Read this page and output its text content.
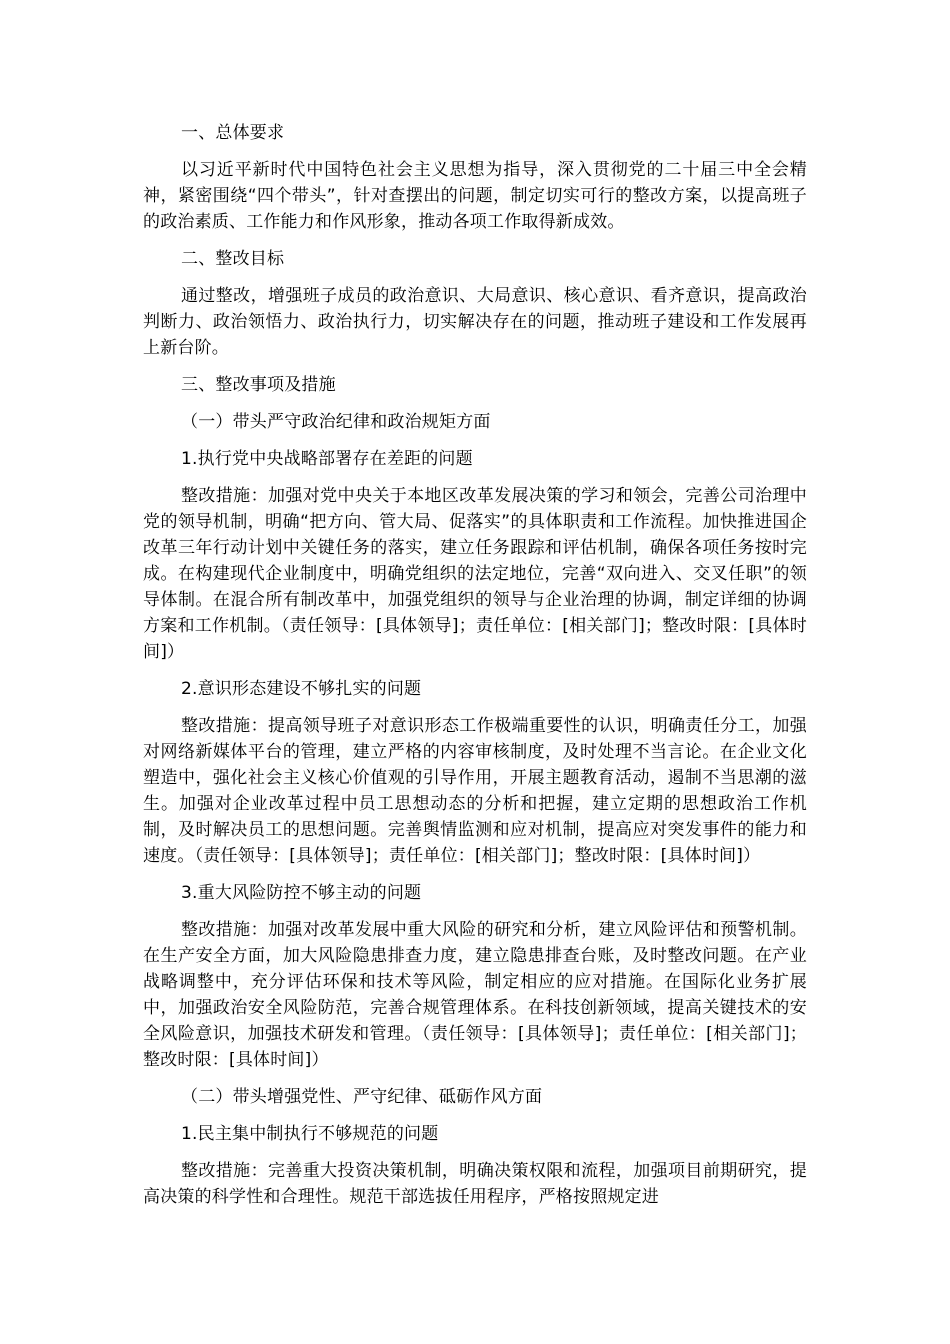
一、总体要求

以习近平新时代中国特色社会主义思想为指导，深入贯彻党的二十届三中全会精神，紧密围绕“四个带头”，针对查摆出的问题，制定切实可行的整改方案，以提高班子的政治素质、工作能力和作风形象，推动各项工作取得新成效。

二、整改目标

通过整改，增强班子成员的政治意识、大局意识、核心意识、看齐意识，提高政治判断力、政治领悟力、政治执行力，切实解决存在的问题，推动班子建设和工作发展再上新台阶。

三、整改事项及措施

（一）带头严守政治纪律和政治规矩方面

1.执行党中央战略部署存在差距的问题

整改措施：加强对党中央关于本地区改革发展决策的学习和领会，完善公司治理中党的领导机制，明确“把方向、管大局、促落实”的具体职责和工作流程。加快推进国企改革三年行动计划中关键任务的落实，建立任务跟踪和评估机制，确保各项任务按时完成。在构建现代企业制度中，明确党组织的法定地位，完善“双向进入、交叉任职”的领导体制。在混合所有制改革中，加强党组织的领导与企业治理的协调，制定详细的协调方案和工作机制。（责任领导：[具体领导]；责任单位：[相关部门]；整改时限：[具体时间]）

2.意识形态建设不够扎实的问题

整改措施：提高领导班子对意识形态工作极端重要性的认识，明确责任分工，加强对网络新媒体平台的管理，建立严格的内容审核制度，及时处理不当言论。在企业文化塑造中，强化社会主义核心价值观的引导作用，开展主题教育活动，遏制不当思潮的滋生。加强对企业改革过程中员工思想动态的分析和把握，建立定期的思想政治工作机制，及时解决员工的思想问题。完善舆情监测和应对机制，提高应对突发事件的能力和速度。（责任领导：[具体领导]；责任单位：[相关部门]；整改时限：[具体时间]）

3.重大风险防控不够主动的问题

整改措施：加强对改革发展中重大风险的研究和分析，建立风险评估和预警机制。在生产安全方面，加大风险隐患排查力度，建立隐患排查台账，及时整改问题。在产业战略调整中，充分评估环保和技术等风险，制定相应的应对措施。在国际化业务扩展中，加强政治安全风险防范，完善合规管理体系。在科技创新领域，提高关键技术的安全风险意识，加强技术研发和管理。（责任领导：[具体领导]；责任单位：[相关部门]；整改时限：[具体时间]）

（二）带头增强党性、严守纪律、砥砺作风方面

1.民主集中制执行不够规范的问题

整改措施：完善重大投资决策机制，明确决策权限和流程，加强项目前期研究，提高决策的科学性和合理性。规范干部选拔任用程序，严格按照规定进
